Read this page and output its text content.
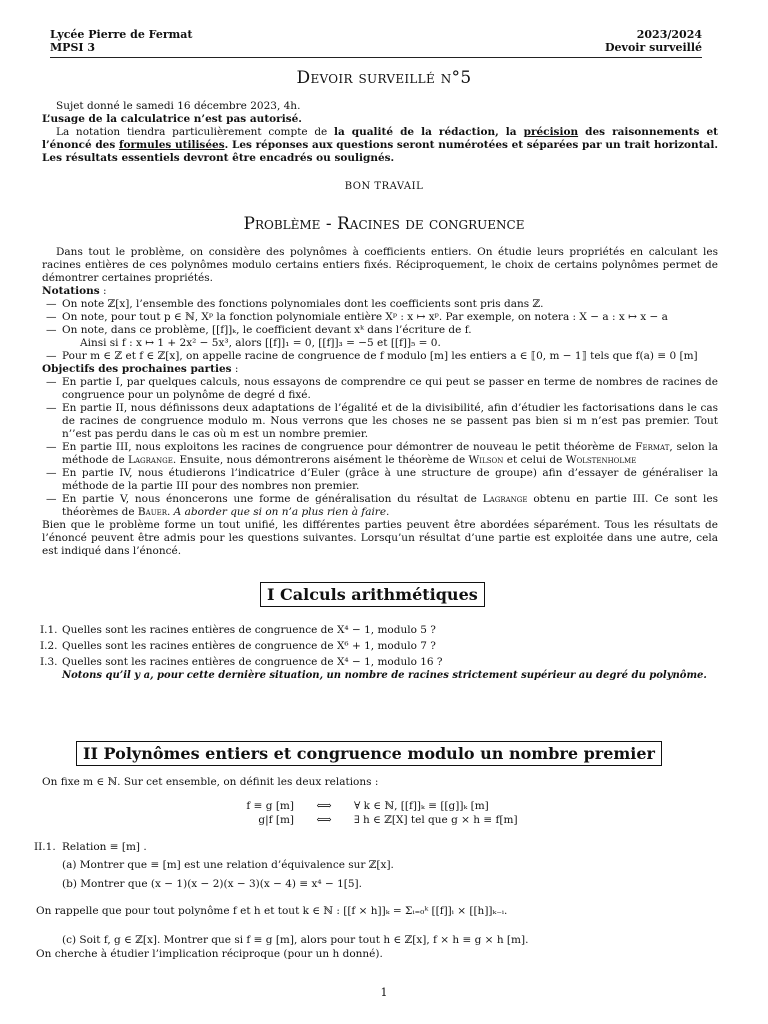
Lycée Pierre de Fermat
MPSI 3
2023/2024
Devoir surveillé
Devoir surveillé n°5

Sujet donné le samedi 16 décembre 2023, 4h.

L’usage de la calculatrice n’est pas autorisé.

La notation tiendra particulièrement compte de la qualité de la rédaction, la précision des raisonnements et l’énoncé des formules utilisées. Les réponses aux questions seront numérotées et séparées par un trait horizontal. Les résultats essentiels devront être encadrés ou soulignés.

BON TRAVAIL
Problème - Racines de congruence

Dans tout le problème, on considère des polynômes à coefficients entiers. On étudie leurs propriétés en calculant les racines entières de ces polynômes modulo certains entiers fixés. Réciproquement, le choix de certains polynômes permet de démontrer certaines propriétés.

Notations :

— On note ℤ[x], l’ensemble des fonctions polynomiales dont les coefficients sont pris dans ℤ.
— On note, pour tout p ∈ ℕ, Xᵖ la fonction polynomiale entière Xᵖ : x ↦ xᵖ. Par exemple, on notera : X − a : x ↦ x − a
— On note, dans ce problème, [[f]]ₖ, le coefficient devant xᵏ dans l’écriture de f.
Ainsi si f : x ↦ 1 + 2x² − 5x³, alors [[f]]₁ = 0, [[f]]₃ = −5 et [[f]]₅ = 0.
— Pour m ∈ ℤ et f ∈ ℤ[x], on appelle racine de congruence de f modulo [m] les entiers a ∈ ⟦0, m − 1⟧ tels que f(a) ≡ 0 [m]

Objectifs des prochaines parties :

— En partie I, par quelques calculs, nous essayons de comprendre ce qui peut se passer en terme de nombres de racines de congruence pour un polynôme de degré d fixé.
— En partie II, nous définissons deux adaptations de l’égalité et de la divisibilité, afin d’étudier les factorisations dans le cas de racines de congruence modulo m. Nous verrons que les choses ne se passent pas bien si m n’est pas premier. Tout n’’est pas perdu dans le cas où m est un nombre premier.
— En partie III, nous exploitons les racines de congruence pour démontrer de nouveau le petit théorème de Fermat, selon la méthode de Lagrange. Ensuite, nous démontrerons aisément le théorème de Wilson et celui de Wolstenholme
— En partie IV, nous étudierons l’indicatrice d’Euler (grâce à une structure de groupe) afin d’essayer de généraliser la méthode de la partie III pour des nombres non premier.
— En partie V, nous énoncerons une forme de généralisation du résultat de Lagrange obtenu en partie III. Ce sont les théorèmes de Bauer. A aborder que si on n’a plus rien à faire.

Bien que le problème forme un tout unifié, les différentes parties peuvent être abordées séparément. Tous les résultats de l’énoncé peuvent être admis pour les questions suivantes. Lorsqu’un résultat d’une partie est exploitée dans une autre, cela est indiqué dans l’énoncé.

I Calculs arithmétiques
I.1. Quelles sont les racines entières de congruence de X⁴ − 1, modulo 5 ?
I.2. Quelles sont les racines entières de congruence de X⁶ + 1, modulo 7 ?
I.3. Quelles sont les racines entières de congruence de X⁴ − 1, modulo 16 ?
Notons qu’il y a, pour cette dernière situation, un nombre de racines strictement supérieur au degré du polynôme.
II Polynômes entiers et congruence modulo un nombre premier
On fixe m ∈ ℕ. Sur cet ensemble, on définit les deux relations :
f ≡ g [m] ⟺ ∀ k ∈ ℕ, [[f]]ₖ ≡ [[g]]ₖ [m]
g|f [m] ⟺ ∃ h ∈ ℤ[X] tel que g × h ≡ f[m]
II.1. Relation ≡ [m] .
(a) Montrer que ≡ [m] est une relation d’équivalence sur ℤ[x].
(b) Montrer que (x − 1)(x − 2)(x − 3)(x − 4) ≡ x⁴ − 1[5].
On rappelle que pour tout polynôme f et h et tout k ∈ ℕ : [[f × h]]ₖ = Σᵢ₌₀ᵏ [[f]]ᵢ × [[h]]ₖ₋ᵢ.
(c) Soit f, g ∈ ℤ[x]. Montrer que si f ≡ g [m], alors pour tout h ∈ ℤ[x], f × h ≡ g × h [m].
On cherche à étudier l’implication réciproque (pour un h donné).
1
